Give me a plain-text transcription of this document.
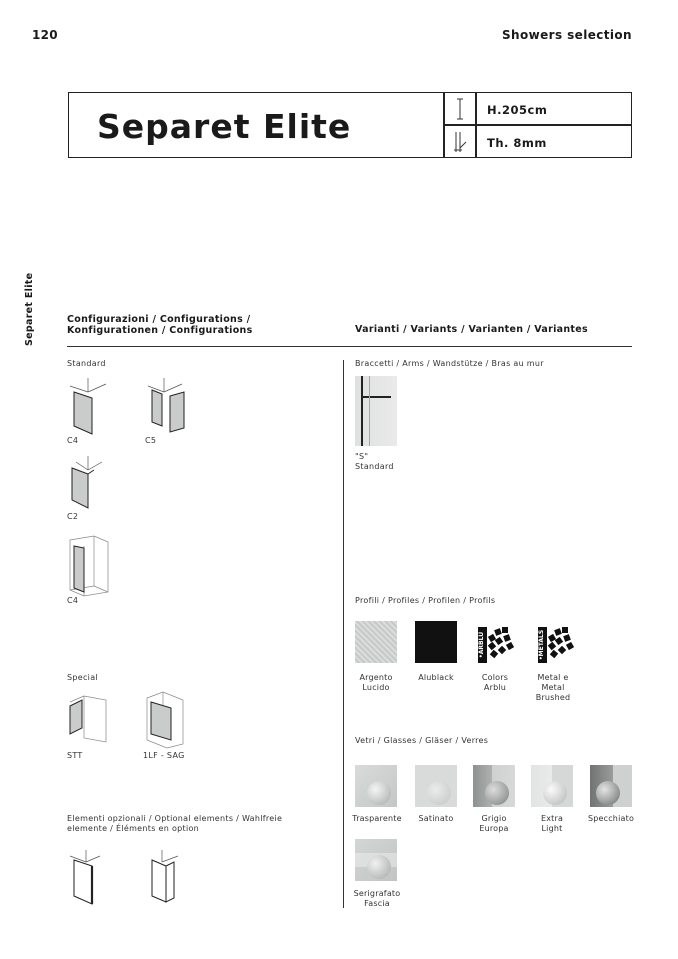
120	Showers selection
Separet Elite	H.205cm
Th. 8mm
Separet Elite	Configurazioni / Configurations /
Konfigurationen / Configurations	Varianti / Variants / Varianten / Variantes
Standard
C4	C5
C2
C4
Special
STT	1LF - SAG
Elementi opzionali / Optional elements / Wahlfreie
elemente / Éléments en option
Braccetti / Arms / Wandstütze / Bras au mur
"S"
Standard
Profili / Profiles / Profilen / Profils
•ARBLU	•METALS
Argento
Lucido
Alublack	Colors
Arblu
Metal e
Metal
Brushed
Vetri / Glasses / Gläser / Verres
Trasparente	Satinato	Grigio
Europa
Extra
Light
Specchiato
Serigrafato
Fascia
